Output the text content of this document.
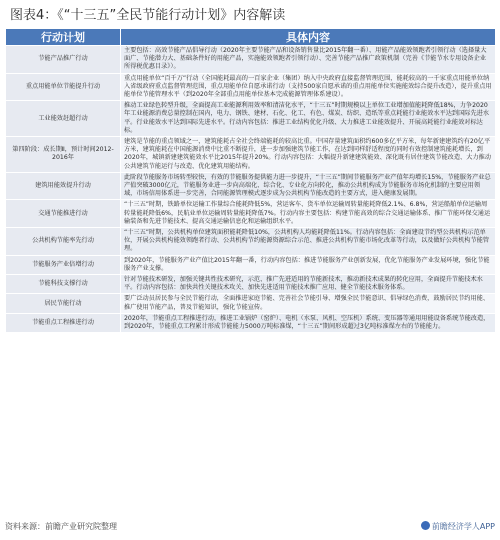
图表4：《“十三五”全民节能行动计划》内容解读
行动计划	具体内容
节能产品推广行动	主要包括：高效节能产品倡导行动（2020年主要节能产品和设备销售量比2015年翻一番）、用能产品能效领跑者引领行动（选择量大面广、节能潜力大、基础条件好的用能产品，实施能效领跑者引领行动）、完善节能产品推广政策机制（完善《节能节水专用设备企业所得税优惠目录》）。
重点用能单位节能提升行动	重点用能单位“百千万”行动（全国能耗最高的一百家企业（集团）纳入中央政府直接监督管理范围，能耗较高的一千家重点用能单位纳入省级政府重点监督管理范围，重点用能单位自愿承诺行动（支持500家自愿承诺的重点用能单位实施能效综合提升改造），提升重点用能单位节能管理水平（到2020年全部重点用能单位基本完成能源管理体系建设）。
工业能效赶超行动	推动工业绿色转型升级，全面提高工业能源利用效率和清洁化水平，“十三五”时期规模以上单位工业增加值能耗降低18%，力争2020年工业能源消费总量控制在国内，电力、钢铁、建材、石化、化工、有色、煤炭、纺织、造纸等重点耗能行业能效水平达到国际先进水平。行业能效水平达到国际先进水平。行动内容包括：推进工业结构优化升级、大力推进工业能效提升、开展高耗能行业能效对标达标。
第四阶段：成长期Ⅱ，预计时间2012-2016年	建筑是节能的重点领域之一，建筑能耗占全社会终端能耗的较高比重。中国存量建筑面积约600多亿平方米，每年新建建筑约有20亿平方米，建筑能耗在中国能源消费中比重不断提升，进一步加强建筑节能工作，在达到同样舒适程度的同时有效控制建筑能耗增长，到2020年，城镇新建建筑能效水平比2015年提升20%。行动内容包括：大幅提升新建建筑能效、深化既有居住建筑节能改造、大力推动公共建筑节能运行与改造、优化建筑用能结构。
建筑用能效提升行动	此阶段节能服务市场转型较快，有效的节能服务提供能力进一步提升，“十三五”期间节能服务产业产值年均增长15%，节能服务产业总产值突破3000亿元，节能服务业进一步向高端化、综合化、专业化方向转化，推动公共机构成为节能服务市场化机制的主要应用领域，市场信用体系进一步完善，合同能源管理模式逐步成为公共机构节能改造的主要方式，进入健康发展期。
交通节能推进行动	“十三五”时期，铁路单位运输工作量综合能耗降低5%，营运客车、货车单位运输周转量能耗降低2.1%、6.8%，营运船舶单位运输周转量能耗降低6%，民航业单位运输周转量能耗降低7%。行动内容主要包括：构建节能高效的综合交通运输体系、推广节能环保交通运输装备和先进节能技术、提高交通运输信息化和运输组织水平。
公共机构节能率先行动	“十三五”时期，公共机构单位建筑面积能耗降低10%，公共机构人均能耗降低11%。行动内容包括：全面建设节约型公共机构示范单位，开展公共机构能效领跑者行动、公共机构节约能源资源综合示范、推进公共机构节能市场化改革等行动，以及做好公共机构节能管理。
节能服务产业倍增行动	到2020年，节能服务产业产值比2015年翻一番，行动内容包括：推进节能服务产业创新发展，优化节能服务产业发展环境，强化节能服务产业支撑。
节能科技支撑行动	针对节能技术研发，加强关键共性技术研究，示范、推广先进适用的节能新技术，推动新技术成果的转化应用，全面提升节能技术水平。行动内容包括：加快共性关键技术攻关、加快先进适用节能技术推广应用、健全节能技术服务体系。
居民节能行动	要广泛动员居民参与全民节能行动，全面推进家庭节能、完善社会节能引导、增强全民节能意识、倡导绿色消费，鼓励居民节约用能、推广使用节能产品，普及节能知识，强化节能宣传。
节能重点工程推进行动	2020年，节能重点工程推进行动，推进工业锅炉（窑炉）、电机（水泵、风机、空压机）系统、变压器等通用用能设备系统节能改造，到2020年，节能重点工程累计形成节能能力5000万吨标准煤，“十三五”期间形成超过3亿吨标准煤左右的节能能力。
资料来源：前瞻产业研究院整理	前瞻经济学人APP
